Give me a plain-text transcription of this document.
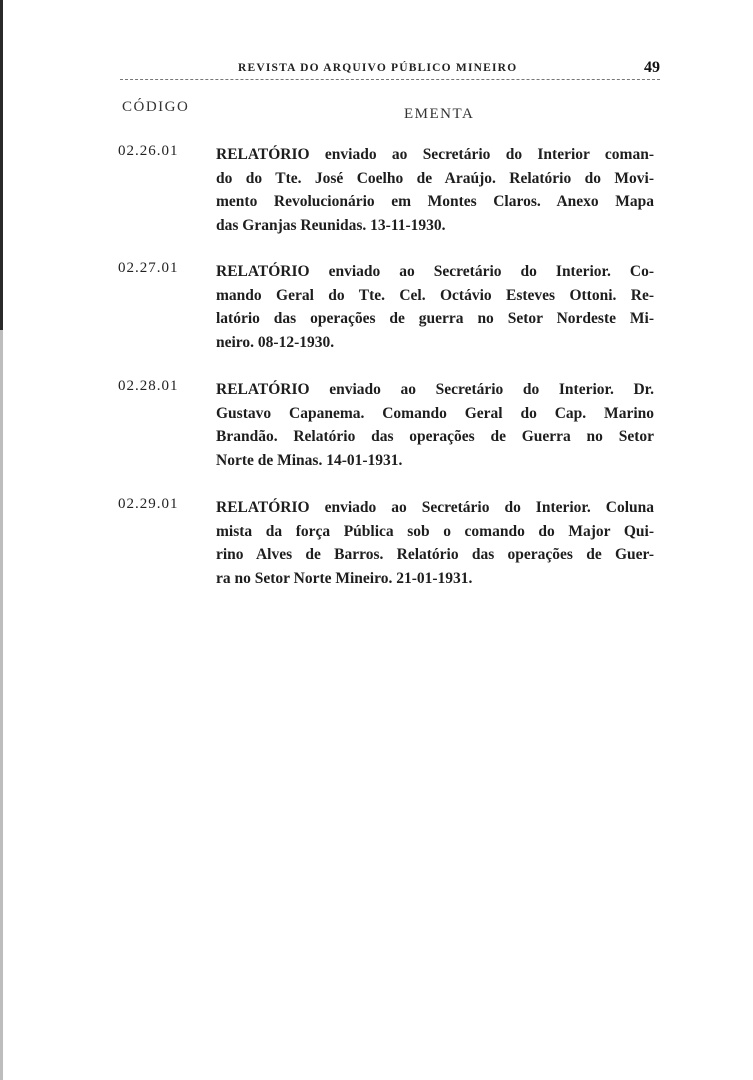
REVISTA DO ARQUIVO PÚBLICO MINEIRO	49
CÓDIGO	EMENTA
02.26.01 RELATÓRIO enviado ao Secretário do Interior coman-
do do Tte. José Coelho de Araújo. Relatório do Movi-
mento Revolucionário em Montes Claros. Anexo Mapa
das Granjas Reunidas. 13-11-1930.
02.27.01 RELATÓRIO enviado ao Secretário do Interior. Co-
mando Geral do Tte. Cel. Octávio Esteves Ottoni. Re-
latório das operações de guerra no Setor Nordeste Mi-
neiro. 08-12-1930.
02.28.01 RELATÓRIO enviado ao Secretário do Interior. Dr.
Gustavo Capanema. Comando Geral do Cap. Marino
Brandão. Relatório das operações de Guerra no Setor
Norte de Minas. 14-01-1931.
02.29.01 RELATÓRIO enviado ao Secretário do Interior. Coluna
mista da força Pública sob o comando do Major Qui-
rino Alves de Barros. Relatório das operações de Guer-
ra no Setor Norte Mineiro. 21-01-1931.
